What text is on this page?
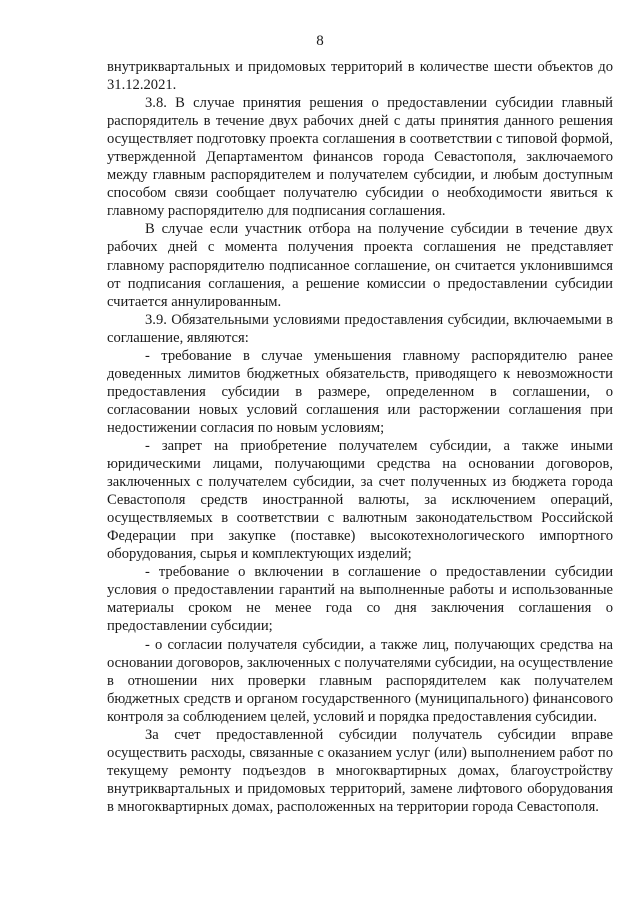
8

внутриквартальных и придомовых территорий в количестве шести объектов до 31.12.2021.

3.8. В случае принятия решения о предоставлении субсидии главный распорядитель в течение двух рабочих дней с даты принятия данного решения осуществляет подготовку проекта соглашения в соответствии с типовой формой, утвержденной Департаментом финансов города Севастополя, заключаемого между главным распорядителем и получателем субсидии, и любым доступным способом связи сообщает получателю субсидии о необходимости явиться к главному распорядителю для подписания соглашения.

В случае если участник отбора на получение субсидии в течение двух рабочих дней с момента получения проекта соглашения не представляет главному распорядителю подписанное соглашение, он считается уклонившимся от подписания соглашения, а решение комиссии о предоставлении субсидии считается аннулированным.

3.9. Обязательными условиями предоставления субсидии, включаемыми в соглашение, являются:

- требование в случае уменьшения главному распорядителю ранее доведенных лимитов бюджетных обязательств, приводящего к невозможности предоставления субсидии в размере, определенном в соглашении, о согласовании новых условий соглашения или расторжении соглашения при недостижении согласия по новым условиям;

- запрет на приобретение получателем субсидии, а также иными юридическими лицами, получающими средства на основании договоров, заключенных с получателем субсидии, за счет полученных из бюджета города Севастополя средств иностранной валюты, за исключением операций, осуществляемых в соответствии с валютным законодательством Российской Федерации при закупке (поставке) высокотехнологического импортного оборудования, сырья и комплектующих изделий;

- требование о включении в соглашение о предоставлении субсидии условия о предоставлении гарантий на выполненные работы и использованные материалы сроком не менее года со дня заключения соглашения о предоставлении субсидии;

- о согласии получателя субсидии, а также лиц, получающих средства на основании договоров, заключенных с получателями субсидии, на осуществление в отношении них проверки главным распорядителем как получателем бюджетных средств и органом государственного (муниципального) финансового контроля за соблюдением целей, условий и порядка предоставления субсидии.

За счет предоставленной субсидии получатель субсидии вправе осуществить расходы, связанные с оказанием услуг (или) выполнением работ по текущему ремонту подъездов в многоквартирных домах, благоустройству внутриквартальных и придомовых территорий, замене лифтового оборудования в многоквартирных домах, расположенных на территории города Севастополя.
